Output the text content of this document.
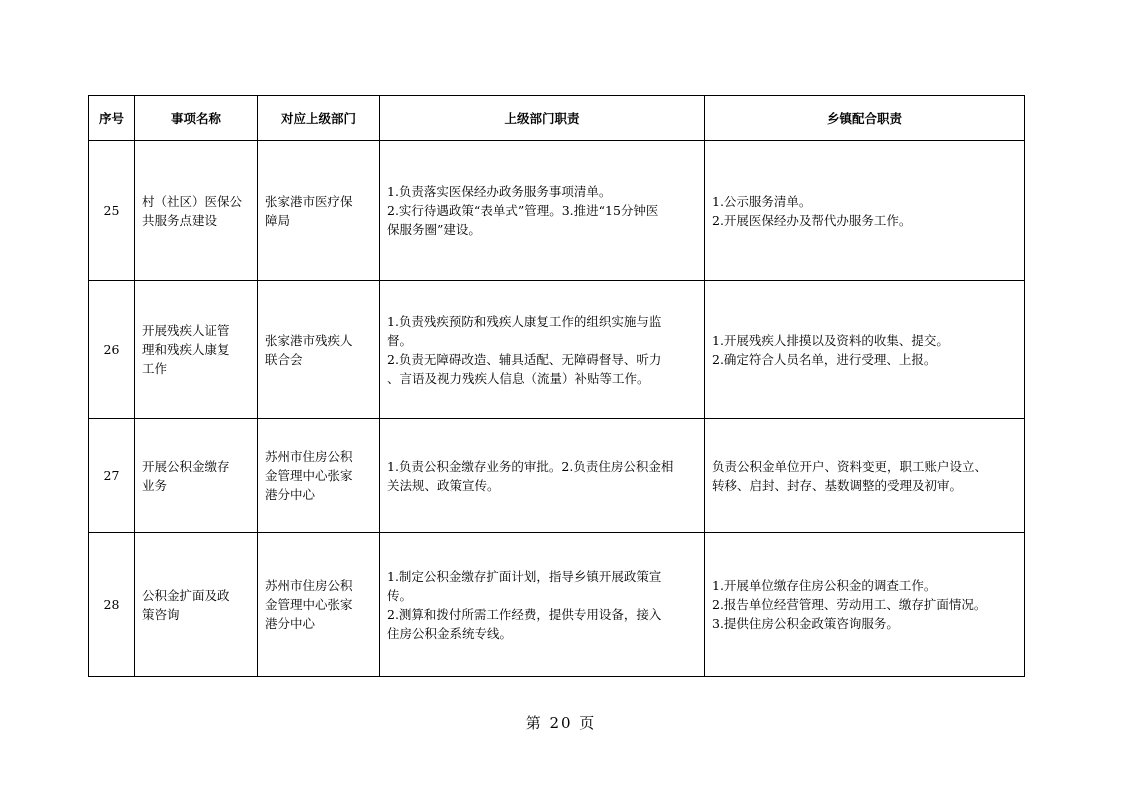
序号	事项名称	对应上级部门	上级部门职责	乡镇配合职责
25	村（社区）医保公
共服务点建设	张家港市医疗保
障局	1.负责落实医保经办政务服务事项清单。
2.实行待遇政策“表单式”管理。3.推进“15分钟医
保服务圈”建设。	1.公示服务清单。
2.开展医保经办及帮代办服务工作。

26	开展残疾人证管
理和残疾人康复
工作	张家港市残疾人
联合会	1.负责残疾预防和残疾人康复工作的组织实施与监
督。
2.负责无障碍改造、辅具适配、无障碍督导、听力
、言语及视力残疾人信息（流量）补贴等工作。	1.开展残疾人排摸以及资料的收集、提交。
2.确定符合人员名单，进行受理、上报。

27	开展公积金缴存
业务	苏州市住房公积
金管理中心张家
港分中心	1.负责公积金缴存业务的审批。2.负责住房公积金相
关法规、政策宣传。	负责公积金单位开户、资料变更，职工账户设立、
转移、启封、封存、基数调整的受理及初审。

28	公积金扩面及政
策咨询	苏州市住房公积
金管理中心张家
港分中心	1.制定公积金缴存扩面计划，指导乡镇开展政策宣
传。
2.测算和拨付所需工作经费，提供专用设备，接入
住房公积金系统专线。	1.开展单位缴存住房公积金的调查工作。
2.报告单位经营管理、劳动用工、缴存扩面情况。
3.提供住房公积金政策咨询服务。
第 20 页
